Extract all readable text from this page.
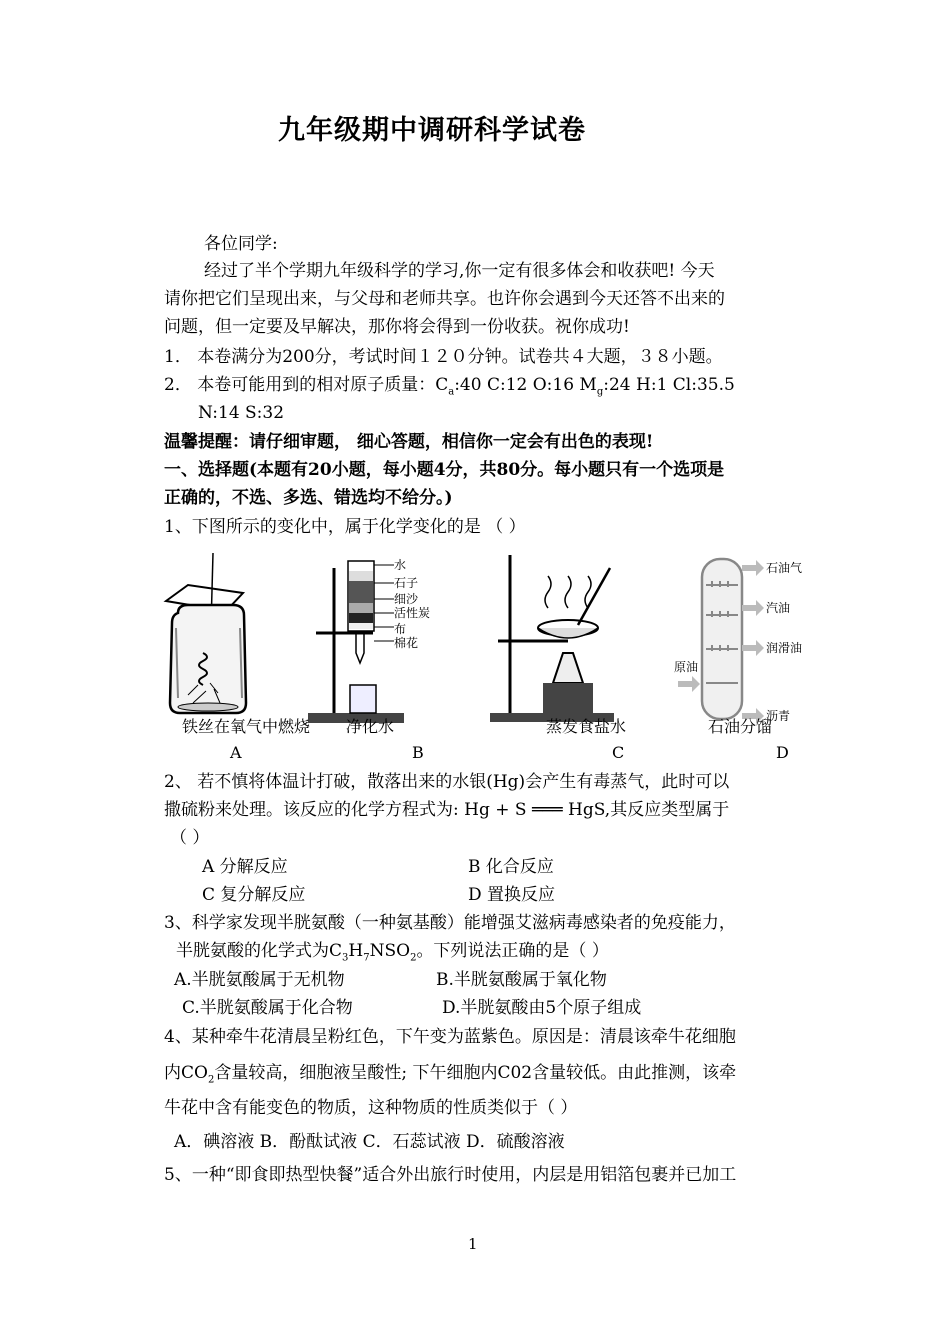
九年级期中调研科学试卷
各位同学:
经过了半个学期九年级科学的学习,你一定有很多体会和收获吧! 今天
请你把它们呈现出来，与父母和老师共享。也许你会遇到今天还答不出来的
问题，但一定要及早解决，那你将会得到一份收获。祝你成功!
1． 本卷满分为200分，考试时间１２０分钟。试卷共４大题，３８小题。
2． 本卷可能用到的相对原子质量：$C_a:40$ C:12 O:16 $M_g:24$ H:1 Cl:35.5
N:14 S:32
温馨提醒：请仔细审题， 细心答题，相信你一定会有出色的表现!
一、选择题(本题有20小题，每小题4分，共80分。每小题只有一个选项是
正确的，不选、多选、错选均不给分。)
1、下图所示的变化中，属于化学变化的是 （ ）
水
石子
细沙
活性炭
布
棉花
石油气
汽油
润滑油
沥青
原油
铁丝在氧气中燃烧 净化水	蒸发食盐水	石油分馏
A	B	C	D
2、 若不慎将体温计打破，散落出来的水银(Hg)会产生有毒蒸气，此时可以
撒硫粉来处理。该反应的化学方程式为: Hg + S ═══ HgS,其反应类型属于
（ ）
A 分解反应	B 化合反应
C 复分解反应	D 置换反应
3、科学家发现半胱氨酸（一种氨基酸）能增强艾滋病毒感染者的免疫能力，
半胱氨酸的化学式为$C_3H_7NSO_2$。下列说法正确的是（ ）
A.半胱氨酸属于无机物	B.半胱氨酸属于氧化物
C.半胱氨酸属于化合物	D.半胱氨酸由5个原子组成
4、某种牵牛花清晨呈粉红色，下午变为蓝紫色。原因是：清晨该牵牛花细胞
内$CO_2$含量较高，细胞液呈酸性; 下午细胞内C02含量较低。由此推测，该牵
牛花中含有能变色的物质，这种物质的性质类似于（ ）
A．碘溶液 B．酚酞试液 C．石蕊试液 D．硫酸溶液
5、一种“即食即热型快餐”适合外出旅行时使用，内层是用铝箔包裹并已加工
1
